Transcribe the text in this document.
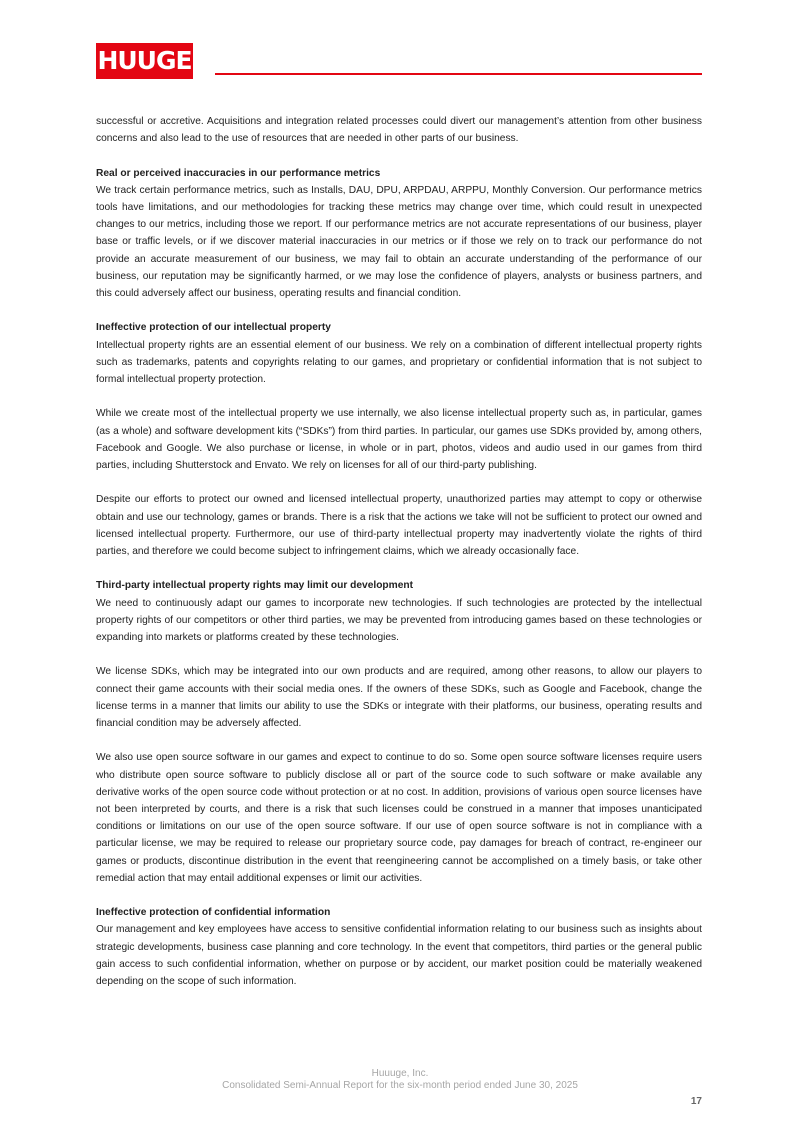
HUUGE

successful or accretive. Acquisitions and integration related processes could divert our management’s attention from other business concerns and also lead to the use of resources that are needed in other parts of our business.

Real or perceived inaccuracies in our performance metrics

We track certain performance metrics, such as Installs, DAU, DPU, ARPDAU, ARPPU, Monthly Conversion. Our performance metrics tools have limitations, and our methodologies for tracking these metrics may change over time, which could result in unexpected changes to our metrics, including those we report. If our performance metrics are not accurate representations of our business, player base or traffic levels, or if we discover material inaccuracies in our metrics or if those we rely on to track our performance do not provide an accurate measurement of our business, we may fail to obtain an accurate understanding of the performance of our business, our reputation may be significantly harmed, or we may lose the confidence of players, analysts or business partners, and this could adversely affect our business, operating results and financial condition.

Ineffective protection of our intellectual property

Intellectual property rights are an essential element of our business. We rely on a combination of different intellectual property rights such as trademarks, patents and copyrights relating to our games, and proprietary or confidential information that is not subject to formal intellectual property protection.

While we create most of the intellectual property we use internally, we also license intellectual property such as, in particular, games (as a whole) and software development kits (“SDKs”) from third parties. In particular, our games use SDKs provided by, among others, Facebook and Google. We also purchase or license, in whole or in part, photos, videos and audio used in our games from third parties, including Shutterstock and Envato. We rely on licenses for all of our third-party publishing.

Despite our efforts to protect our owned and licensed intellectual property, unauthorized parties may attempt to copy or otherwise obtain and use our technology, games or brands. There is a risk that the actions we take will not be sufficient to protect our owned and licensed intellectual property. Furthermore, our use of third-party intellectual property may inadvertently violate the rights of third parties, and therefore we could become subject to infringement claims, which we already occasionally face.

Third-party intellectual property rights may limit our development

We need to continuously adapt our games to incorporate new technologies. If such technologies are protected by the intellectual property rights of our competitors or other third parties, we may be prevented from introducing games based on these technologies or expanding into markets or platforms created by these technologies.

We license SDKs, which may be integrated into our own products and are required, among other reasons, to allow our players to connect their game accounts with their social media ones. If the owners of these SDKs, such as Google and Facebook, change the license terms in a manner that limits our ability to use the SDKs or integrate with their platforms, our business, operating results and financial condition may be adversely affected.

We also use open source software in our games and expect to continue to do so. Some open source software licenses require users who distribute open source software to publicly disclose all or part of the source code to such software or make available any derivative works of the open source code without protection or at no cost. In addition, provisions of various open source licenses have not been interpreted by courts, and there is a risk that such licenses could be construed in a manner that imposes unanticipated conditions or limitations on our use of the open source software. If our use of open source software is not in compliance with a particular license, we may be required to release our proprietary source code, pay damages for breach of contract, re-engineer our games or products, discontinue distribution in the event that reengineering cannot be accomplished on a timely basis, or take other remedial action that may entail additional expenses or limit our activities.

Ineffective protection of confidential information

Our management and key employees have access to sensitive confidential information relating to our business such as insights about strategic developments, business case planning and core technology. In the event that competitors, third parties or the general public gain access to such confidential information, whether on purpose or by accident, our market position could be materially weakened depending on the scope of such information.

Huuuge, Inc.
Consolidated Semi-Annual Report for the six-month period ended June 30, 2025
17
